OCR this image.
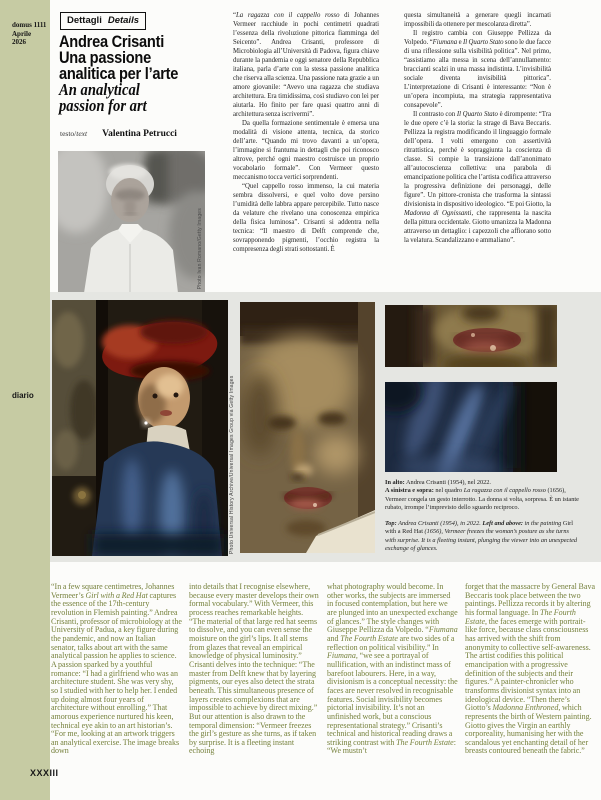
domus 1111
Aprile
2026
diario
XXXIII
Dettagli Details
Andrea Crisanti
Una passione
analitica per l’arte
An analytical
passion for art
testo/text Valentina Petrucci
Photo Ivan Romano/Getty Images

“La ragazza con il cappello rosso di Johannes Vermeer racchiude in pochi centimetri quadrati l’essenza della rivoluzione pittorica fiamminga del Seicento”. Andrea Crisanti, professore di Microbiologia all’Università di Padova, figura chiave durante la pandemia e oggi senatore della Repubblica italiana, parla d’arte con la stessa passione analitica che riserva alla scienza. Una passione nata grazie a un amore giovanile: “Avevo una ragazza che studiava architettura. Era timidissima, così studiavo con lei per aiutarla. Ho finito per fare quasi quattro anni di architettura senza iscrivermi”.

Da quella formazione sentimentale è emersa una modalità di visione attenta, tecnica, da storico dell’arte. “Quando mi trovo davanti a un’opera, l’immagine si frantuma in dettagli che poi riconosco altrove, perché ogni maestro costruisce un proprio vocabolario formale”. Con Vermeer questo meccanismo tocca vertici sorprendenti.

“Quel cappello rosso immenso, la cui materia sembra dissolversi, e quel volto dove persino l’umidità delle labbra appare percepibile. Tutto nasce da velature che rivelano una conoscenza empirica della fisica luminosa”. Crisanti si addentra nella tecnica: “Il maestro di Delft comprende che, sovrapponendo pigmenti, l’occhio registra la compresenza degli strati sottostanti. È

questa simultaneità a generare quegli incarnati impossibili da ottenere per mescolanza diretta”.

Il registro cambia con Giuseppe Pellizza da Volpedo. “Fiumana e Il Quarto Stato sono le due facce di una riflessione sulla visibilità politica”. Nel primo, “assistiamo alla messa in scena dell’annullamento: braccianti scalzi in una massa indistinta. L’invisibilità sociale diventa invisibilità pittorica”. L’interpretazione di Crisanti è interessante: “Non è un’opera incompiuta, ma strategia rappresentativa consapevole”.

Il contrasto con Il Quarto Stato è dirompente: “Tra le due opere c’è la storia: la strage di Bava Beccaris. Pellizza la registra modificando il linguaggio formale dell’opera. I volti emergono con assertività ritrattistica, perché è sopraggiunta la coscienza di classe. Si compie la transizione dall’anonimato all’autocoscienza collettiva: una parabola di emancipazione politica che l’artista codifica attraverso la progressiva definizione dei personaggi, delle figure”. Un pittore-cronista che trasforma la sintassi divisionista in dispositivo ideologico. “E poi Giotto, la Madonna di Ognissanti, che rappresenta la nascita della pittura occidentale. Giotto umanizza la Madonna attraverso un dettaglio: i capezzoli che affiorano sotto la velatura. Scandalizzano e ammaliano”.

Photo Universal History Archive/Universal Images Group via Getty Images	In alto: Andrea Crisanti (1954), nel 2022.
A sinistra e sopra: nel quadro La ragazza con il cappello rosso (1656), Vermeer congela un gesto interrotto. La donna si volta, sorpresa. È un istante rubato, irrompe l’imprevisto dello sguardo reciproco.

Top: Andrea Crisanti (1954), in 2022. Left and above: in the painting Girl with a Red Hat (1656), Vermeer freezes the woman’s posture as she turns with surprise. It is a fleeting instant, plunging the viewer into an unexpected exchange of glances.

“In a few square centimetres, Johannes Vermeer’s Girl with a Red Hat captures the essence of the 17th-century revolution in Flemish painting.” Andrea Crisanti, professor of microbiology at the University of Padua, a key figure during the pandemic, and now an Italian senator, talks about art with the same analytical passion he applies to science. A passion sparked by a youthful romance: “I had a girlfriend who was an architecture student. She was very shy, so I studied with her to help her. I ended up doing almost four years of architecture without enrolling.” That amorous experience nurtured his keen, technical eye akin to an art historian’s. “For me, looking at an artwork triggers an analytical exercise. The image breaks down
into details that I recognise elsewhere, because every master develops their own formal vocabulary.” With Vermeer, this process reaches remarkable heights. “The material of that large red hat seems to dissolve, and you can even sense the moisture on the girl’s lips. It all stems from glazes that reveal an empirical knowledge of physical luminosity.” Crisanti delves into the technique: “The master from Delft knew that by layering pigments, our eyes also detect the strata beneath. This simultaneous presence of layers creates complexions that are impossible to achieve by direct mixing.” But our attention is also drawn to the temporal dimension: “Vermeer freezes the girl’s gesture as she turns, as if taken by surprise. It is a fleeting instant echoing
what photography would become. In other works, the subjects are immersed in focused contemplation, but here we are plunged into an unexpected exchange of glances.” The style changes with Giuseppe Pellizza da Volpedo. “Fiumana and The Fourth Estate are two sides of a reflection on political visibility.” In Fiumana, “we see a portrayal of nullification, with an indistinct mass of barefoot labourers. Here, in a way, divisionism is a conceptual necessity: the faces are never resolved in recognisable features. Social invisibility becomes pictorial invisibility. It’s not an unfinished work, but a conscious representational strategy.” Crisanti’s technical and historical reading draws a striking contrast with The Fourth Estate: “We mustn’t
forget that the massacre by General Bava Beccaris took place between the two paintings. Pellizza records it by altering his formal language. In The Fourth Estate, the faces emerge with portrait-like force, because class consciousness has arrived with the shift from anonymity to collective self-awareness. The artist codifies this political emancipation with a progressive definition of the subjects and their figures.” A painter-chronicler who transforms divisionist syntax into an ideological device. “Then there’s Giotto’s Madonna Enthroned, which represents the birth of Western painting. Giotto gives the Virgin an earthly corporeality, humanising her with the scandalous yet enchanting detail of her breasts contoured beneath the fabric.”
